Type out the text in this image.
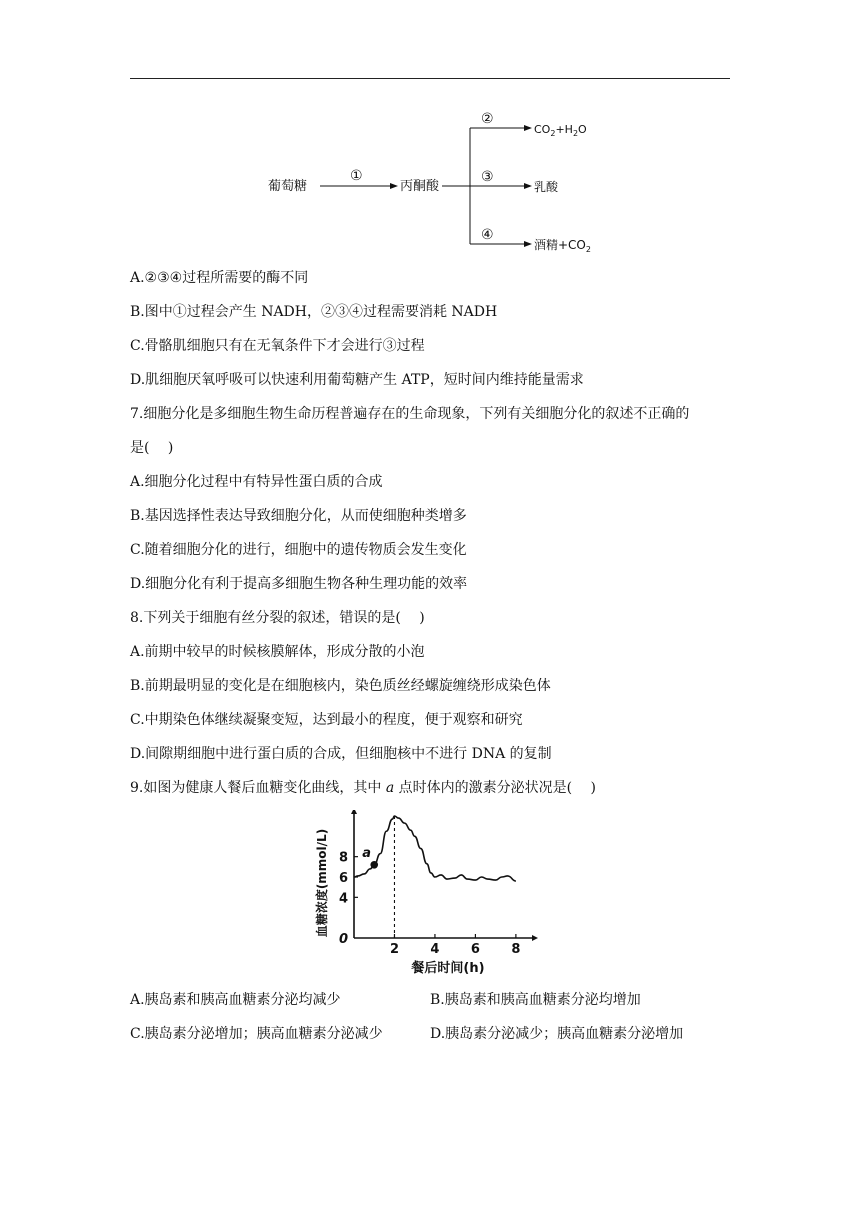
葡萄糖
①
丙酮酸
②
$CO_2+H_2O$
③
乳酸
④
酒精$+CO_2$
A.②③④过程所需要的酶不同
B.图中①过程会产生 NADH，②③④过程需要消耗 NADH
C.骨骼肌细胞只有在无氧条件下才会进行③过程
D.肌细胞厌氧呼吸可以快速利用葡萄糖产生 ATP，短时间内维持能量需求
7.细胞分化是多细胞生物生命历程普遍存在的生命现象，下列有关细胞分化的叙述不正确的
是(　 )
A.细胞分化过程中有特异性蛋白质的合成
B.基因选择性表达导致细胞分化，从而使细胞种类增多
C.随着细胞分化的进行，细胞中的遗传物质会发生变化
D.细胞分化有利于提高多细胞生物各种生理功能的效率
8.下列关于细胞有丝分裂的叙述，错误的是(　 )
A.前期中较早的时候核膜解体，形成分散的小泡
B.前期最明显的变化是在细胞核内，染色质丝经螺旋缠绕形成染色体
C.中期染色体继续凝聚变短，达到最小的程度，便于观察和研究
D.间隙期细胞中进行蛋白质的合成，但细胞核中不进行 DNA 的复制
9.如图为健康人餐后血糖变化曲线，其中 a 点时体内的激素分泌状况是(　 )
2 4 6 8
4
6
8
0
餐后时间(h)
血糖浓度(mmol/L)	a
A.胰岛素和胰高血糖素分泌均减少	B.胰岛素和胰高血糖素分泌均增加
C.胰岛素分泌增加；胰高血糖素分泌减少	D.胰岛素分泌减少；胰高血糖素分泌增加
